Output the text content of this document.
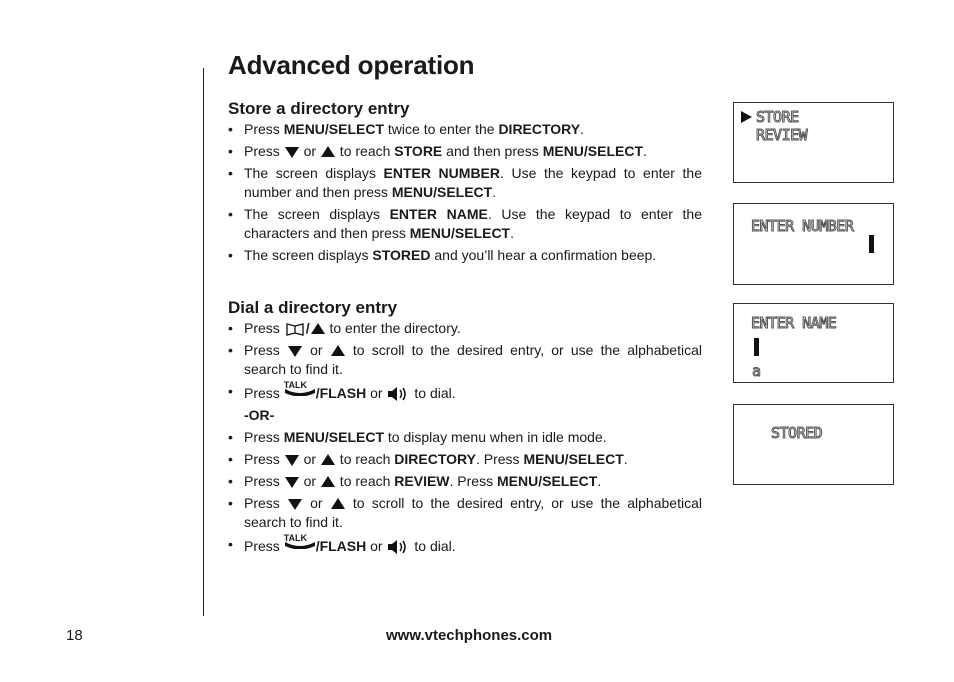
Advanced operation
Store a directory entry
• Press MENU/SELECT twice to enter the DIRECTORY.
• Press  or  to reach STORE and then press MENU/SELECT.
• The screen displays ENTER NUMBER. Use the keypad to enter the number and then press MENU/SELECT.
• The screen displays ENTER NAME. Use the keypad to enter the characters and then press MENU/SELECT.
• The screen displays STORED and you’ll hear a confirmation beep.
Dial a directory entry
• Press / to enter the directory.
• Press  or  to scroll to the desired entry, or use the alphabetical search to find it.
• Press TALK /FLASH or  to dial.
-OR-
• Press MENU/SELECT to display menu when in idle mode.
• Press  or  to reach DIRECTORY. Press MENU/SELECT.
• Press  or  to reach REVIEW. Press MENU/SELECT.
• Press  or  to scroll to the desired entry, or use the alphabetical search to find it.
• Press TALK /FLASH or  to dial.
STORE
REVIEW
ENTER NUMBER
ENTER NAME
a
STORED
18	www.vtechphones.com
